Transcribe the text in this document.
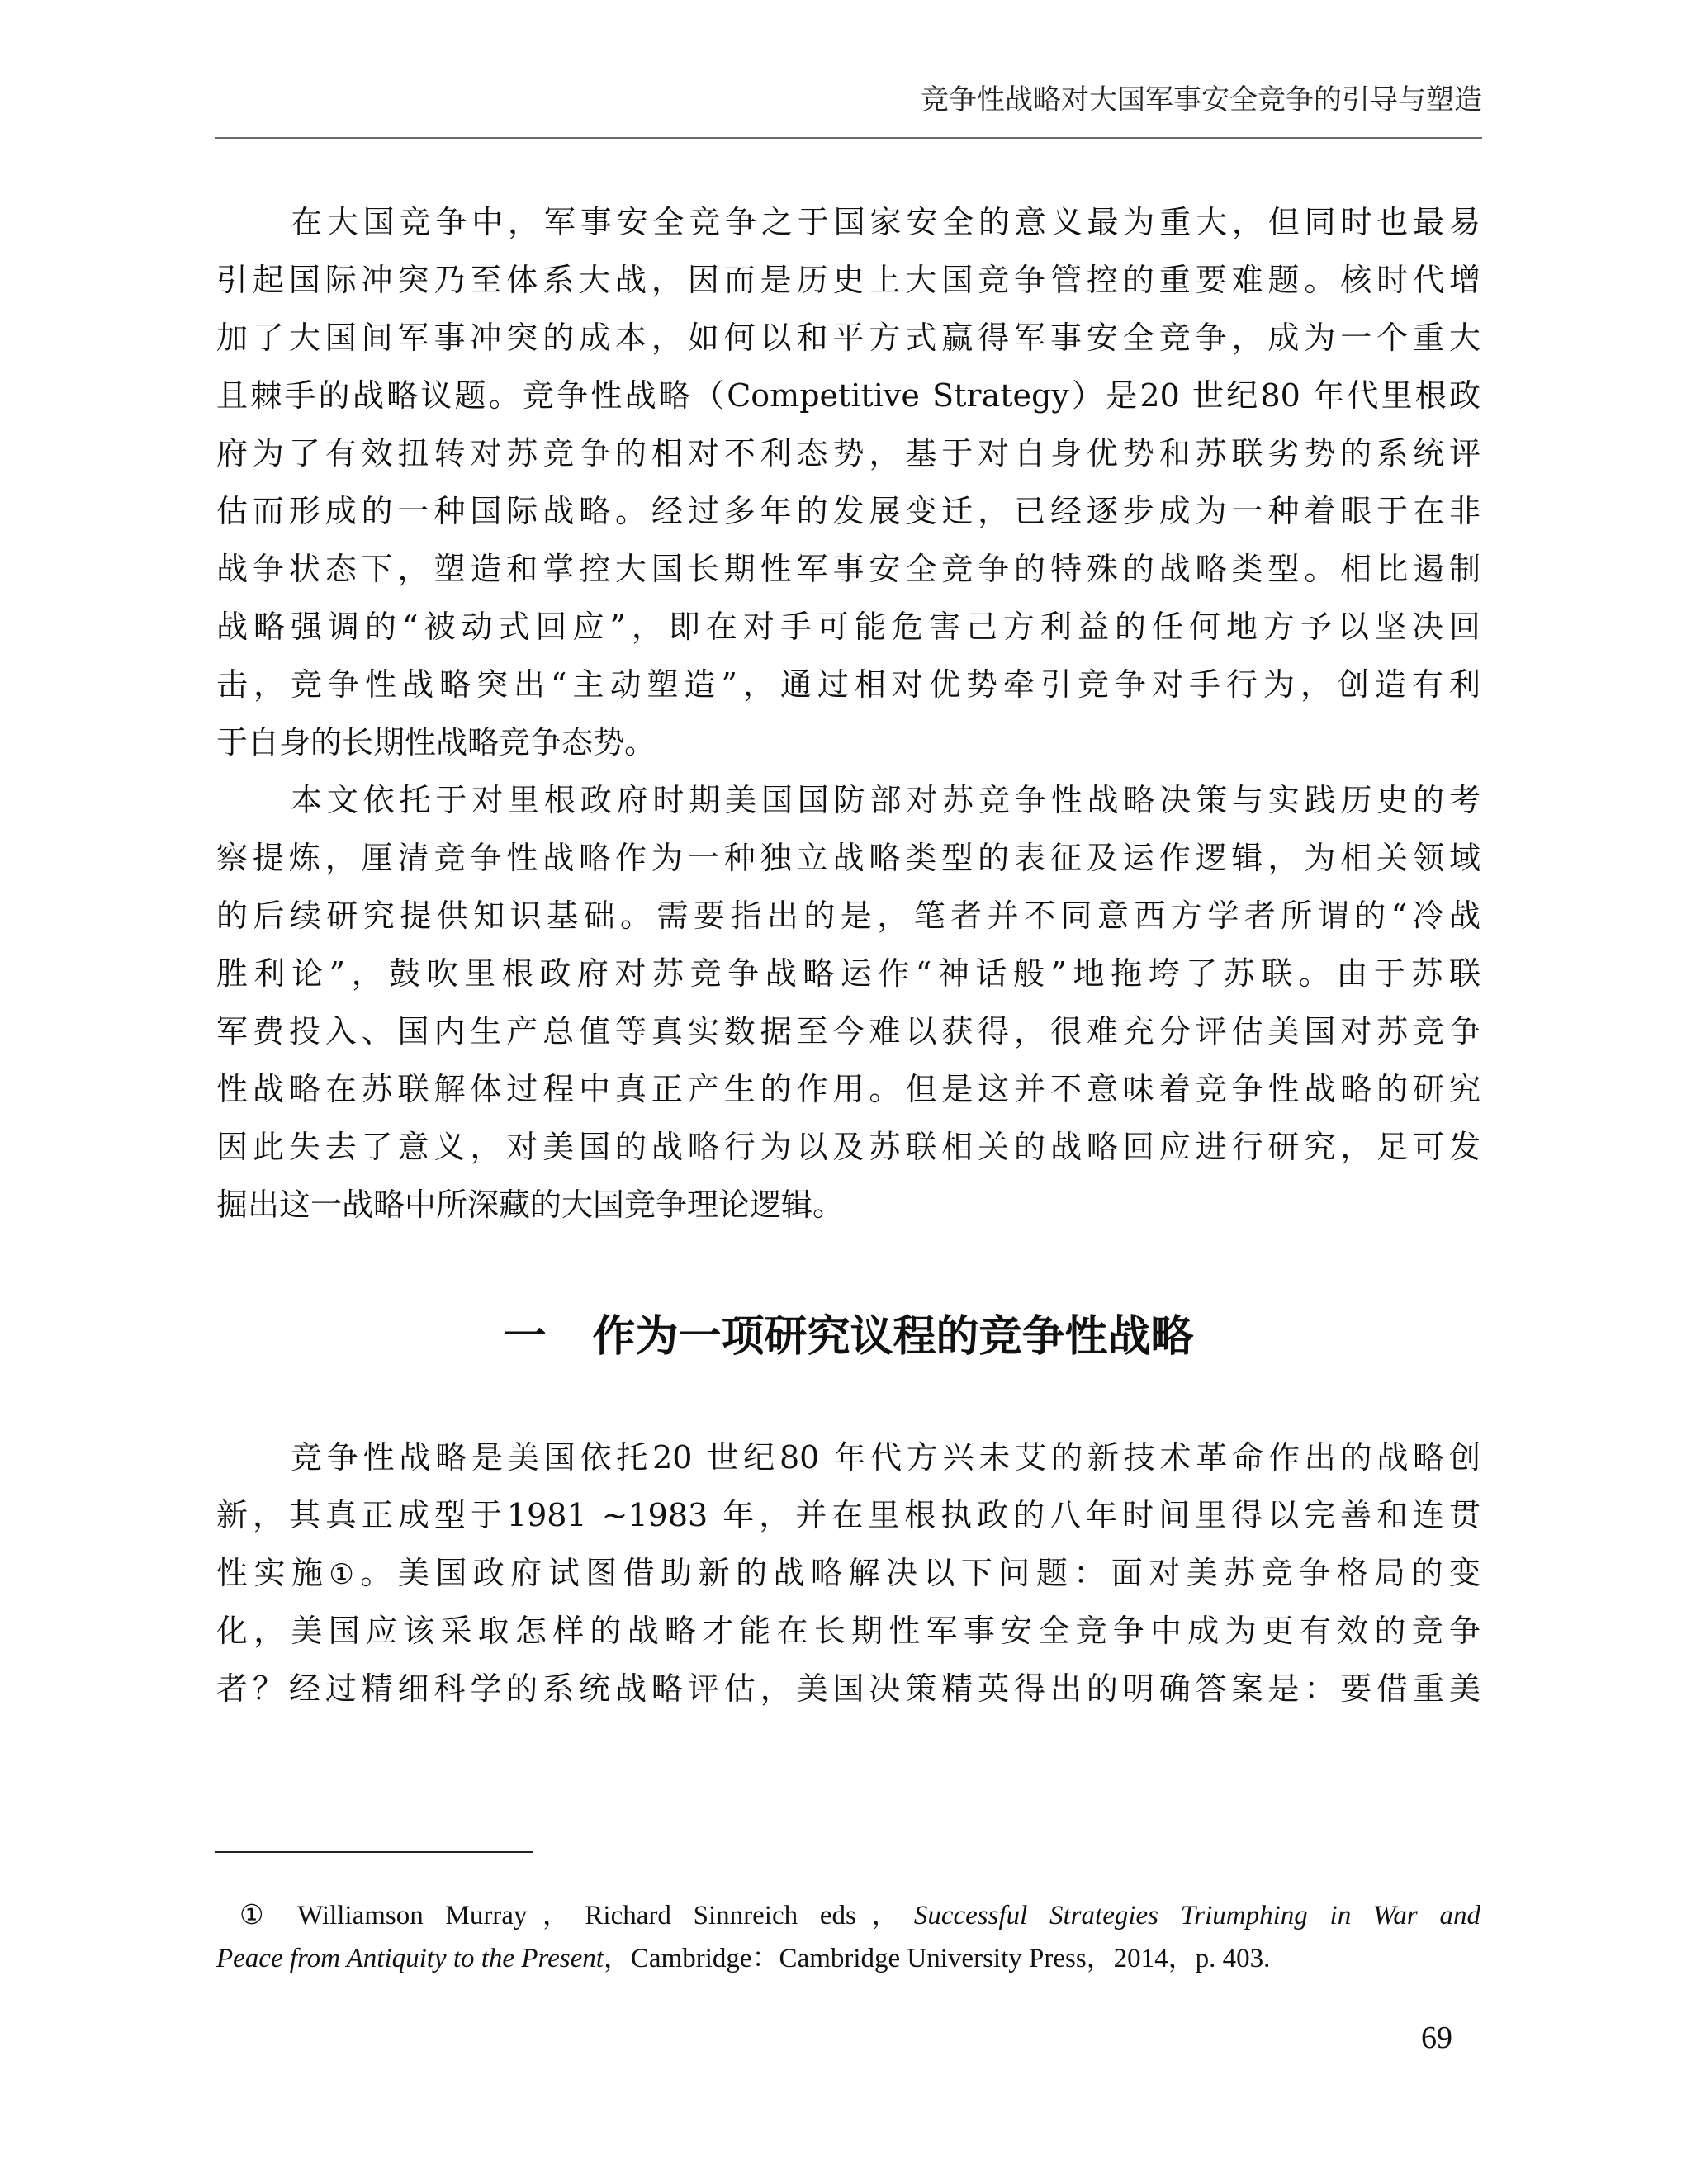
竞争性战略对大国军事安全竞争的引导与塑造
在大国竞争中，军事安全竞争之于国家安全的意义最为重大，但同时也最易
引起国际冲突乃至体系大战，因而是历史上大国竞争管控的重要难题。核时代增
加了大国间军事冲突的成本，如何以和平方式赢得军事安全竞争，成为一个重大
且棘手的战略议题。竞争性战略（Competitive Strategy）是20 世纪80 年代里根政
府为了有效扭转对苏竞争的相对不利态势，基于对自身优势和苏联劣势的系统评
估而形成的一种国际战略。经过多年的发展变迁，已经逐步成为一种着眼于在非
战争状态下，塑造和掌控大国长期性军事安全竞争的特殊的战略类型。相比遏制
战略强调的“被动式回应”，即在对手可能危害己方利益的任何地方予以坚决回
击，竞争性战略突出“主动塑造”，通过相对优势牵引竞争对手行为，创造有利
于自身的长期性战略竞争态势。
本文依托于对里根政府时期美国国防部对苏竞争性战略决策与实践历史的考
察提炼，厘清竞争性战略作为一种独立战略类型的表征及运作逻辑，为相关领域
的后续研究提供知识基础。需要指出的是，笔者并不同意西方学者所谓的“冷战
胜利论”，鼓吹里根政府对苏竞争战略运作“神话般”地拖垮了苏联。由于苏联
军费投入、国内生产总值等真实数据至今难以获得，很难充分评估美国对苏竞争
性战略在苏联解体过程中真正产生的作用。但是这并不意味着竞争性战略的研究
因此失去了意义，对美国的战略行为以及苏联相关的战略回应进行研究，足可发
掘出这一战略中所深藏的大国竞争理论逻辑。
一 作为一项研究议程的竞争性战略
竞争性战略是美国依托20 世纪80 年代方兴未艾的新技术革命作出的战略创
新，其真正成型于1981 ~1983 年，并在里根执政的八年时间里得以完善和连贯
性实施①。美国政府试图借助新的战略解决以下问题：面对美苏竞争格局的变
化，美国应该采取怎样的战略才能在长期性军事安全竞争中成为更有效的竞争
者？经过精细科学的系统战略评估，美国决策精英得出的明确答案是：要借重美
① Williamson Murray，Richard Sinnreich eds，Successful Strategies Triumphing in War and
Peace from Antiquity to the Present，Cambridge：Cambridge University Press，2014，p. 403.
69
